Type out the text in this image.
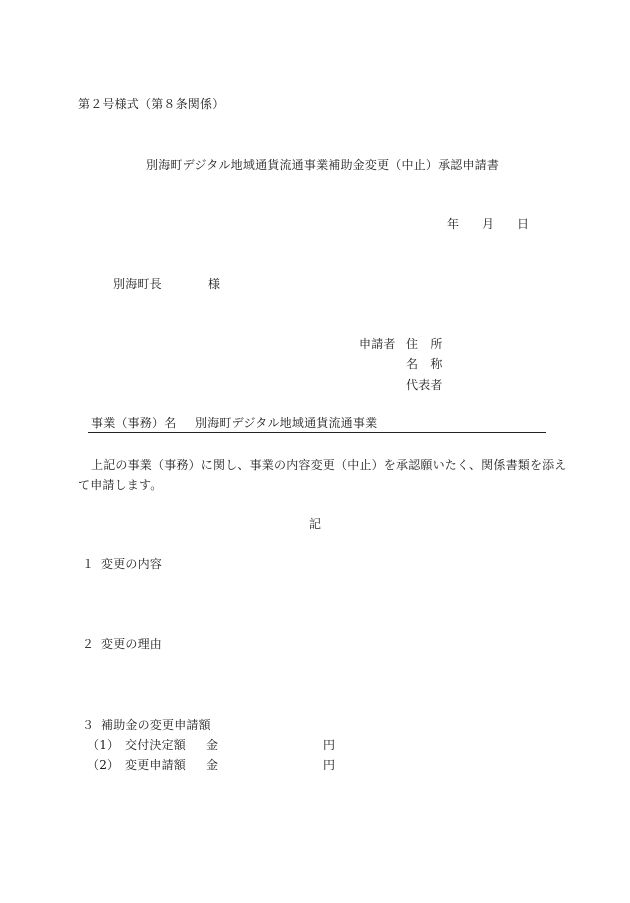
第２号様式（第８条関係）
別海町デジタル地域通貨流通事業補助金変更（中止）承認申請書
年 月 日
別海町長	様
申請者 住　所
名　称
代表者
事業（事務）名 別海町デジタル地域通貨流通事業
上記の事業（事務）に関し、事業の内容変更（中止）を承認願いたく、関係書類を添え
て申請します。
記
１ 変更の内容
２ 変更の理由
３ 補助金の変更申請額
（1） 交付決定額 金	円
（2） 変更申請額 金	円
